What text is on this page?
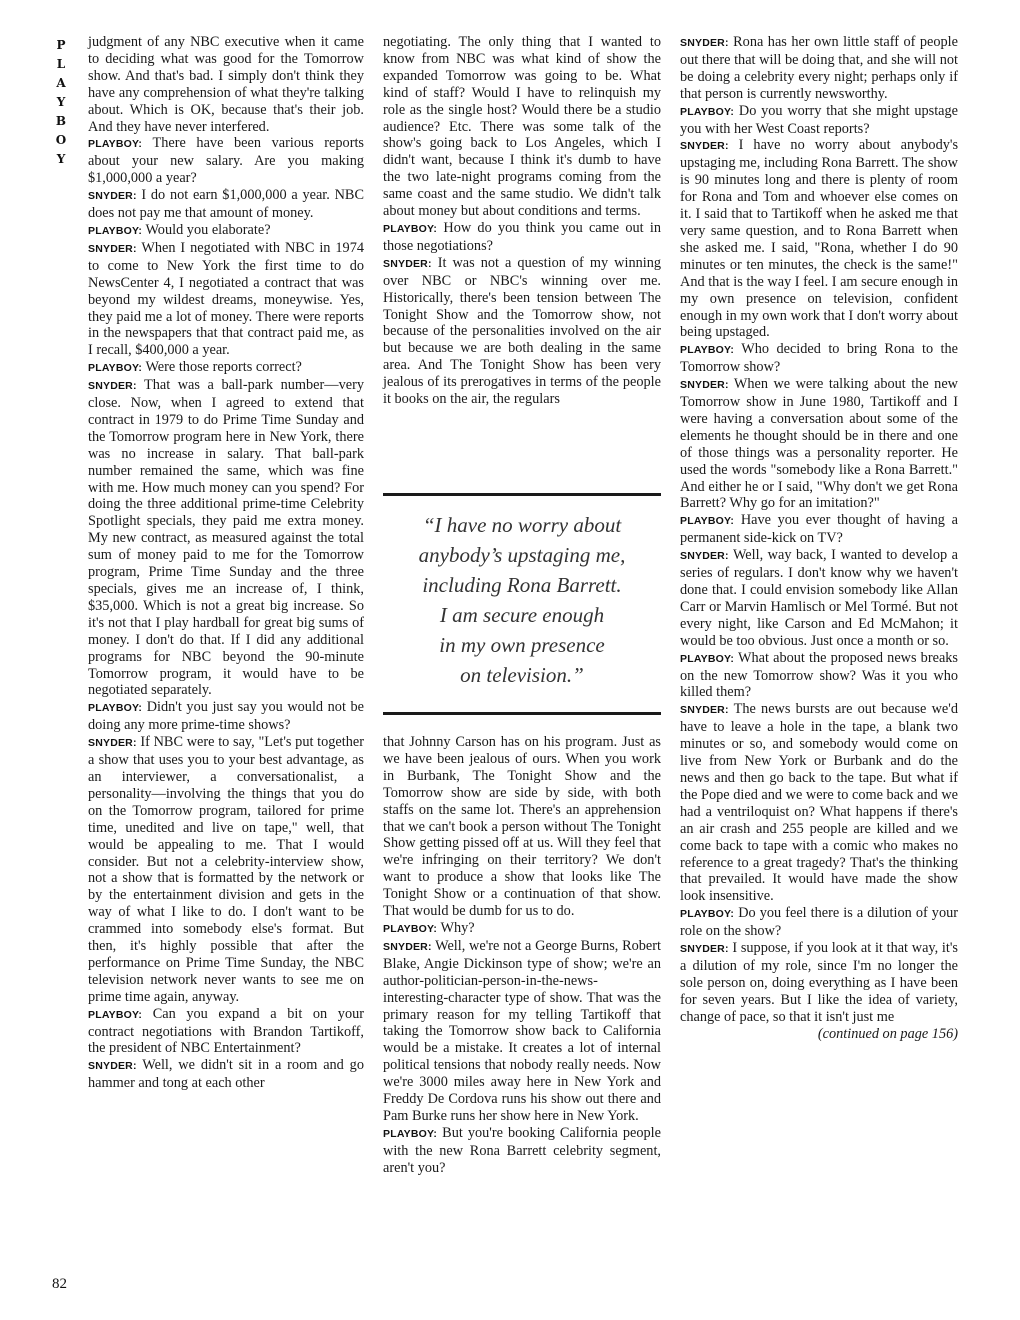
P
L
A
Y
B
O
Y
82

judgment of any NBC executive when it came to deciding what was good for the Tomorrow show. And that's bad. I simply don't think they have any comprehension of what they're talking about. Which is OK, because that's their job. And they have never interfered.

PLAYBOY: There have been various reports about your new salary. Are you making $1,000,000 a year?

SNYDER: I do not earn $1,000,000 a year. NBC does not pay me that amount of money.

PLAYBOY: Would you elaborate?

SNYDER: When I negotiated with NBC in 1974 to come to New York the first time to do NewsCenter 4, I negotiated a contract that was beyond my wildest dreams, moneywise. Yes, they paid me a lot of money. There were reports in the newspapers that that contract paid me, as I recall, $400,000 a year.

PLAYBOY: Were those reports correct?

SNYDER: That was a ball-park number—very close. Now, when I agreed to extend that contract in 1979 to do Prime Time Sunday and the Tomorrow program here in New York, there was no increase in salary. That ball-park number remained the same, which was fine with me. How much money can you spend? For doing the three additional prime-time Celebrity Spotlight specials, they paid me extra money. My new contract, as measured against the total sum of money paid to me for the Tomorrow program, Prime Time Sunday and the three specials, gives me an increase of, I think, $35,000. Which is not a great big increase. So it's not that I play hardball for great big sums of money. I don't do that. If I did any additional programs for NBC beyond the 90-minute Tomorrow program, it would have to be negotiated separately.

PLAYBOY: Didn't you just say you would not be doing any more prime-time shows?

SNYDER: If NBC were to say, "Let's put together a show that uses you to your best advantage, as an interviewer, a conversationalist, a personality—involving the things that you do on the Tomorrow program, tailored for prime time, unedited and live on tape," well, that would be appealing to me. That I would consider. But not a celebrity-interview show, not a show that is formatted by the network or by the entertainment division and gets in the way of what I like to do. I don't want to be crammed into somebody else's format. But then, it's highly possible that after the performance on Prime Time Sunday, the NBC television network never wants to see me on prime time again, anyway.

PLAYBOY: Can you expand a bit on your contract negotiations with Brandon Tartikoff, the president of NBC Entertainment?

SNYDER: Well, we didn't sit in a room and go hammer and tong at each other

negotiating. The only thing that I wanted to know from NBC was what kind of show the expanded Tomorrow was going to be. What kind of staff? Would I have to relinquish my role as the single host? Would there be a studio audience? Etc. There was some talk of the show's going back to Los Angeles, which I didn't want, because I think it's dumb to have the two late-night programs coming from the same coast and the same studio. We didn't talk about money but about conditions and terms.

PLAYBOY: How do you think you came out in those negotiations?

SNYDER: It was not a question of my winning over NBC or NBC's winning over me. Historically, there's been tension between The Tonight Show and the Tomorrow show, not because of the personalities involved on the air but because we are both dealing in the same area. And The Tonight Show has been very jealous of its prerogatives in terms of the people it books on the air, the regulars

“I have no worry about
anybody’s upstaging me,
including Rona Barrett.
I am secure enough
in my own presence
on television.”

that Johnny Carson has on his program. Just as we have been jealous of ours. When you work in Burbank, The Tonight Show and the Tomorrow show are side by side, with both staffs on the same lot. There's an apprehension that we can't book a person without The Tonight Show getting pissed off at us. Will they feel that we're infringing on their territory? We don't want to produce a show that looks like The Tonight Show or a continuation of that show. That would be dumb for us to do.

PLAYBOY: Why?

SNYDER: Well, we're not a George Burns, Robert Blake, Angie Dickinson type of show; we're an author-politician-person-in-the-news-interesting-character type of show. That was the primary reason for my telling Tartikoff that taking the Tomorrow show back to California would be a mistake. It creates a lot of internal political tensions that nobody really needs. Now we're 3000 miles away here in New York and Freddy De Cordova runs his show out there and Pam Burke runs her show here in New York.

PLAYBOY: But you're booking California people with the new Rona Barrett celebrity segment, aren't you?

SNYDER: Rona has her own little staff of people out there that will be doing that, and she will not be doing a celebrity every night; perhaps only if that person is currently newsworthy.

PLAYBOY: Do you worry that she might upstage you with her West Coast reports?

SNYDER: I have no worry about anybody's upstaging me, including Rona Barrett. The show is 90 minutes long and there is plenty of room for Rona and Tom and whoever else comes on it. I said that to Tartikoff when he asked me that very same question, and to Rona Barrett when she asked me. I said, "Rona, whether I do 90 minutes or ten minutes, the check is the same!" And that is the way I feel. I am secure enough in my own presence on television, confident enough in my own work that I don't worry about being upstaged.

PLAYBOY: Who decided to bring Rona to the Tomorrow show?

SNYDER: When we were talking about the new Tomorrow show in June 1980, Tartikoff and I were having a conversation about some of the elements he thought should be in there and one of those things was a personality reporter. He used the words "somebody like a Rona Barrett." And either he or I said, "Why don't we get Rona Barrett? Why go for an imitation?"

PLAYBOY: Have you ever thought of having a permanent side-kick on TV?

SNYDER: Well, way back, I wanted to develop a series of regulars. I don't know why we haven't done that. I could envision somebody like Allan Carr or Marvin Hamlisch or Mel Tormé. But not every night, like Carson and Ed McMahon; it would be too obvious. Just once a month or so.

PLAYBOY: What about the proposed news breaks on the new Tomorrow show? Was it you who killed them?

SNYDER: The news bursts are out because we'd have to leave a hole in the tape, a blank two minutes or so, and somebody would come on live from New York or Burbank and do the news and then go back to the tape. But what if the Pope died and we were to come back and we had a ventriloquist on? What happens if there's an air crash and 255 people are killed and we come back to tape with a comic who makes no reference to a great tragedy? That's the thinking that prevailed. It would have made the show look insensitive.

PLAYBOY: Do you feel there is a dilution of your role on the show?

SNYDER: I suppose, if you look at it that way, it's a dilution of my role, since I'm no longer the sole person on, doing everything as I have been for seven years. But I like the idea of variety, change of pace, so that it isn't just me

(continued on page 156)
